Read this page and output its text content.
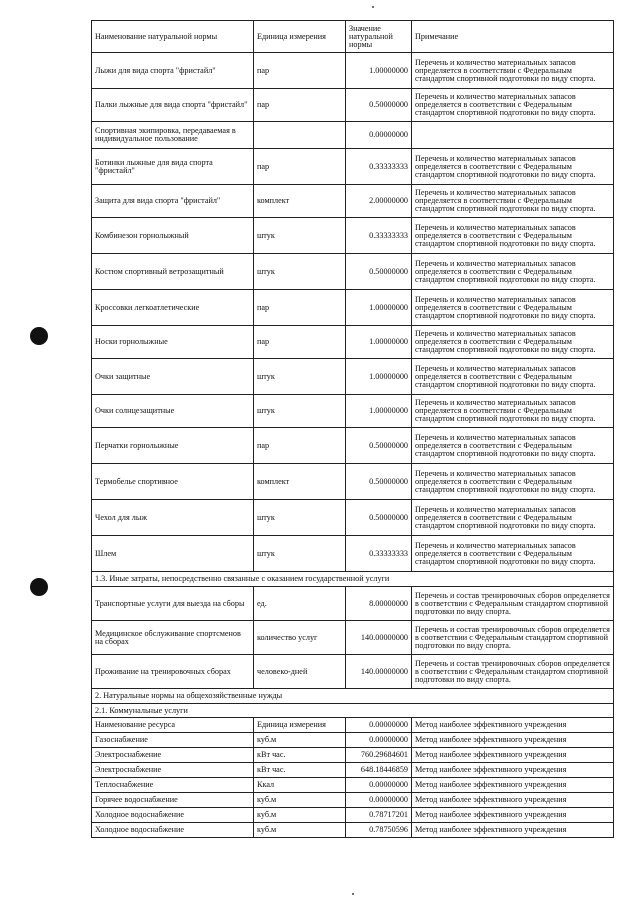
Наименование натуральной нормы	Единица измерения	Значение натуральной нормы	Примечание
Лыжи для вида спорта "фристайл"	пар	1.00000000	Перечень и количество материальных запасов определяется в соответствии с Федеральным стандартом спортивной подготовки по виду спорта.
Палки лыжные для вида спорта "фристайл"	пар	0.50000000	Перечень и количество материальных запасов определяется в соответствии с Федеральным стандартом спортивной подготовки по виду спорта.
Спортивная экипировка, передаваемая в индивидуальное пользование		0.00000000	
Ботинки лыжные для вида спорта "фристайл"	пар	0.33333333	Перечень и количество материальных запасов определяется в соответствии с Федеральным стандартом спортивной подготовки по виду спорта.
Защита для вида спорта "фристайл"	комплект	2.00000000	Перечень и количество материальных запасов определяется в соответствии с Федеральным стандартом спортивной подготовки по виду спорта.
Комбинезон горнолыжный	штук	0.33333333	Перечень и количество материальных запасов определяется в соответствии с Федеральным стандартом спортивной подготовки по виду спорта.
Костюм спортивный ветрозащитный	штук	0.50000000	Перечень и количество материальных запасов определяется в соответствии с Федеральным стандартом спортивной подготовки по виду спорта.
Кроссовки легкоатлетические	пар	1.00000000	Перечень и количество материальных запасов определяется в соответствии с Федеральным стандартом спортивной подготовки по виду спорта.
Носки горнолыжные	пар	1.00000000	Перечень и количество материальных запасов определяется в соответствии с Федеральным стандартом спортивной подготовки по виду спорта.
Очки защитные	штук	1.00000000	Перечень и количество материальных запасов определяется в соответствии с Федеральным стандартом спортивной подготовки по виду спорта.
Очки солнцезащитные	штук	1.00000000	Перечень и количество материальных запасов определяется в соответствии с Федеральным стандартом спортивной подготовки по виду спорта.
Перчатки горнолыжные	пар	0.50000000	Перечень и количество материальных запасов определяется в соответствии с Федеральным стандартом спортивной подготовки по виду спорта.
Термобелье спортивное	комплект	0.50000000	Перечень и количество материальных запасов определяется в соответствии с Федеральным стандартом спортивной подготовки по виду спорта.
Чехол для лыж	штук	0.50000000	Перечень и количество материальных запасов определяется в соответствии с Федеральным стандартом спортивной подготовки по виду спорта.
Шлем	штук	0.33333333	Перечень и количество материальных запасов определяется в соответствии с Федеральным стандартом спортивной подготовки по виду спорта.
1.3. Иные затраты, непосредственно связанные с оказанием государственной услуги			
Транспортные услуги для выезда на сборы	ед.	8.00000000	Перечень и состав тренировочных сборов определяется в соответствии с Федеральным стандартом спортивной подготовки по виду спорта.
Медицинское обслуживание спортсменов на сборах	количество услуг	140.00000000	Перечень и состав тренировочных сборов определяется в соответствии с Федеральным стандартом спортивной подготовки по виду спорта.
Проживание на тренировочных сборах	человеко-дней	140.00000000	Перечень и состав тренировочных сборов определяется в соответствии с Федеральным стандартом спортивной подготовки по виду спорта.
2. Натуральные нормы на общехозяйственные нужды			
2.1. Коммунальные услуги			
Наименование ресурса	Единица измерения	0.00000000	Метод наиболее эффективного учреждения
Газоснабжение	куб.м	0.00000000	Метод наиболее эффективного учреждения
Электроснабжение	кВт час.	760.29684601	Метод наиболее эффективного учреждения
Электроснабжение	кВт час.	648.18446859	Метод наиболее эффективного учреждения
Теплоснабжение	Ккал	0.00000000	Метод наиболее эффективного учреждения
Горячее водоснабжение	куб.м	0.00000000	Метод наиболее эффективного учреждения
Холодное водоснабжение	куб.м	0.78717201	Метод наиболее эффективного учреждения
Холодное водоснабжение	куб.м	0.78750596	Метод наиболее эффективного учреждения
